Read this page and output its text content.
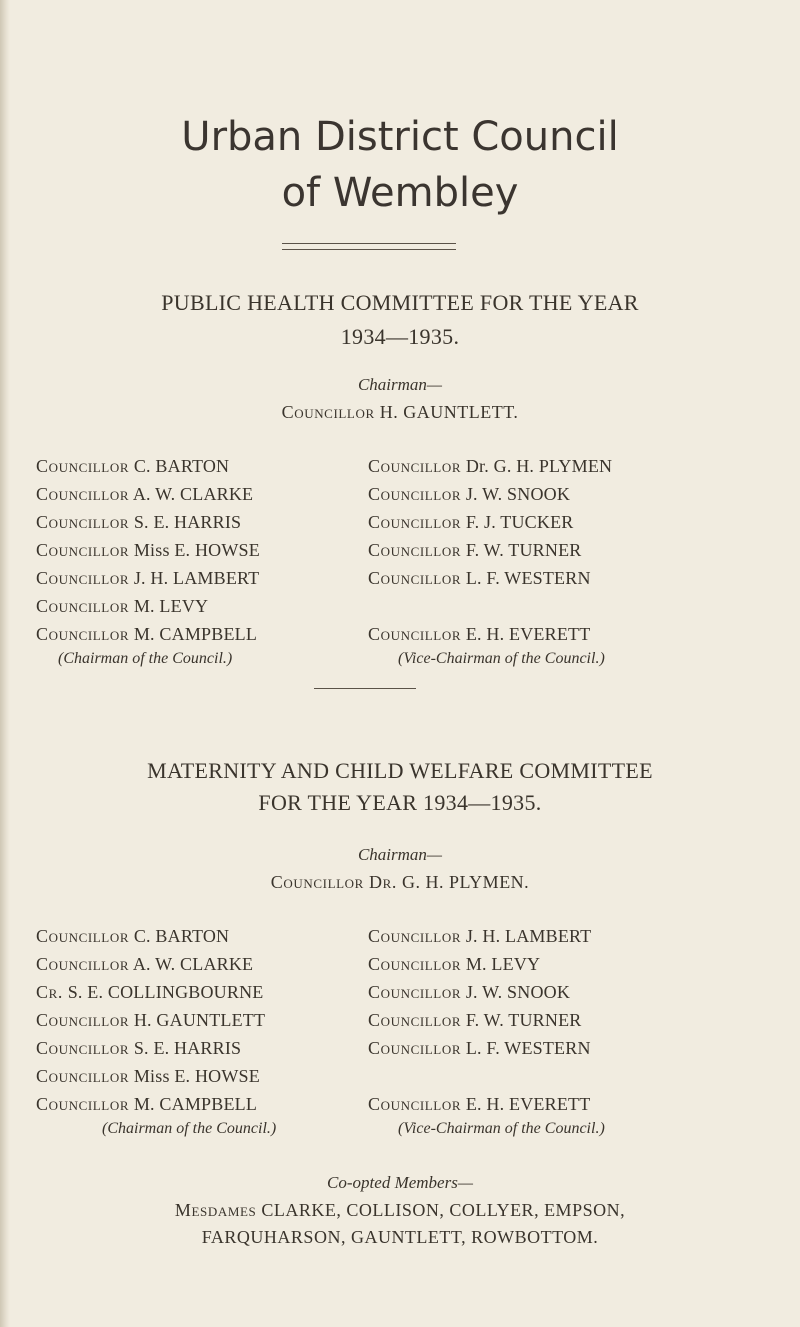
Urban District Council
of Wembley
PUBLIC HEALTH COMMITTEE FOR THE YEAR
1934—1935.
Chairman—
Councillor H. GAUNTLETT.
Councillor C. BARTON
Councillor A. W. CLARKE
Councillor S. E. HARRIS
Councillor Miss E. HOWSE
Councillor J. H. LAMBERT
Councillor M. LEVY
Councillor M. CAMPBELL
(Chairman of the Council.)
Councillor Dr. G. H. PLYMEN
Councillor J. W. SNOOK
Councillor F. J. TUCKER
Councillor F. W. TURNER
Councillor L. F. WESTERN
Councillor E. H. EVERETT
(Vice-Chairman of the Council.)
MATERNITY AND CHILD WELFARE COMMITTEE
FOR THE YEAR 1934—1935.
Chairman—
Councillor Dr. G. H. PLYMEN.
Councillor C. BARTON
Councillor A. W. CLARKE
Cr. S. E. COLLINGBOURNE
Councillor H. GAUNTLETT
Councillor S. E. HARRIS
Councillor Miss E. HOWSE
Councillor M. CAMPBELL
(Chairman of the Council.)
Councillor J. H. LAMBERT
Councillor M. LEVY
Councillor J. W. SNOOK
Councillor F. W. TURNER
Councillor L. F. WESTERN
Councillor E. H. EVERETT
(Vice-Chairman of the Council.)
Co-opted Members—
Mesdames CLARKE, COLLISON, COLLYER, EMPSON,
FARQUHARSON, GAUNTLETT, ROWBOTTOM.
